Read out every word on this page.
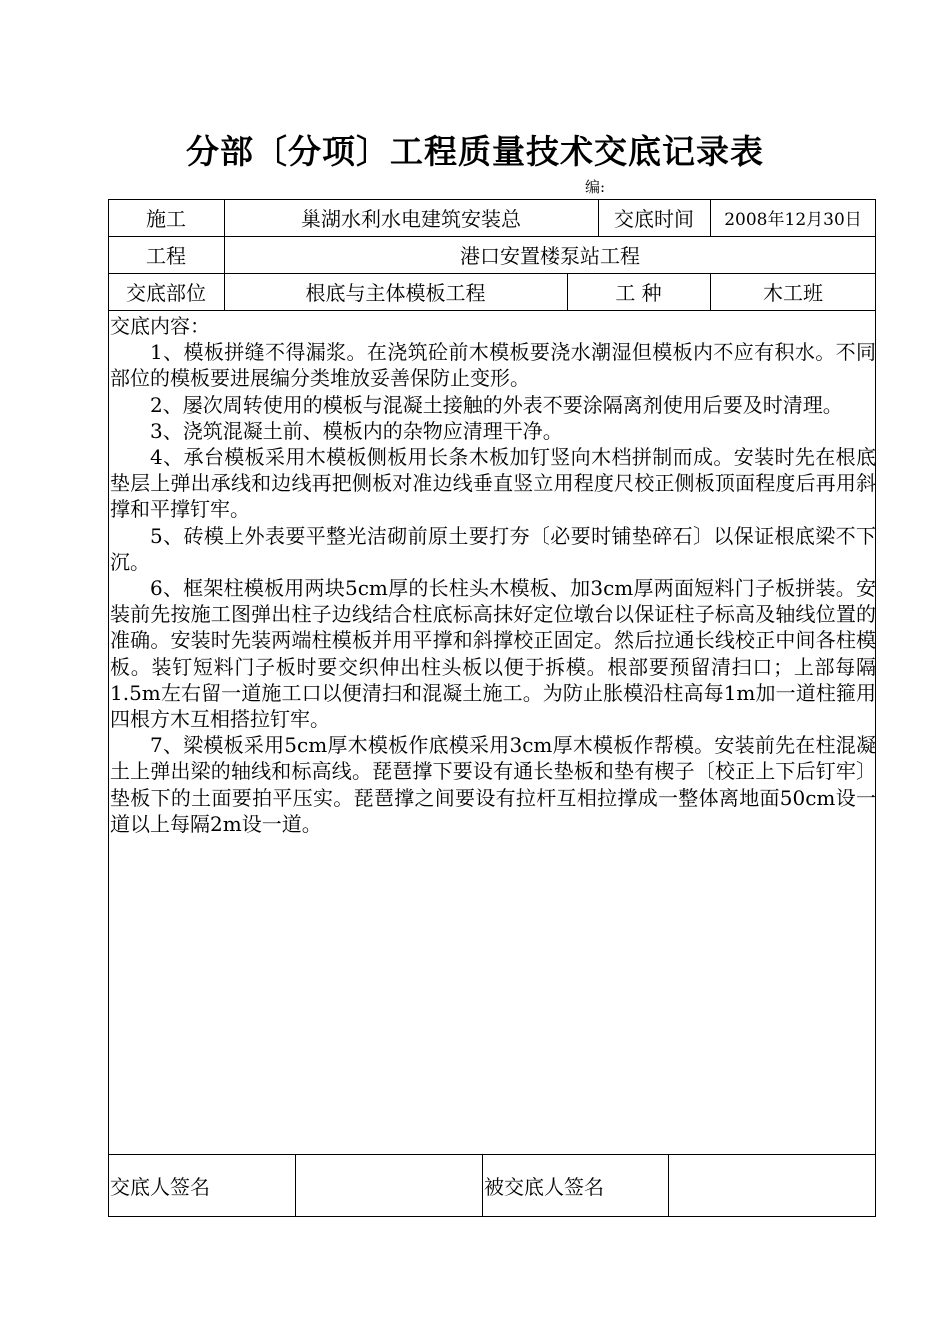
分部〔分项〕工程质量技术交底记录表
编:
施工	巢湖水利水电建筑安装总	交底时间	2008年12月30日
工程	港口安置楼泵站工程
交底部位	根底与主体模板工程	工 种	木工班

交底内容：

1、模板拼缝不得漏浆。在浇筑砼前木模板要浇水潮湿但模板内不应有积水。不同部位的模板要进展编分类堆放妥善保防止变形。

2、屡次周转使用的模板与混凝土接触的外表不要涂隔离剂使用后要及时清理。

3、浇筑混凝土前、模板内的杂物应清理干净。

4、承台模板采用木模板侧板用长条木板加钉竖向木档拼制而成。安装时先在根底垫层上弹出承线和边线再把侧板对准边线垂直竖立用程度尺校正侧板顶面程度后再用斜撑和平撑钉牢。

5、砖模上外表要平整光洁砌前原土要打夯〔必要时铺垫碎石〕以保证根底梁不下沉。

6、框架柱模板用两块5cm厚的长柱头木模板、加3cm厚两面短料门子板拼装。安装前先按施工图弹出柱子边线结合柱底标高抹好定位墩台以保证柱子标高及轴线位置的准确。安装时先装两端柱模板并用平撑和斜撑校正固定。然后拉通长线校正中间各柱模板。装钉短料门子板时要交织伸出柱头板以便于拆模。根部要预留清扫口；上部每隔1.5m左右留一道施工口以便清扫和混凝土施工。为防止胀模沿柱高每1m加一道柱箍用四根方木互相搭拉钉牢。

7、梁模板采用5cm厚木模板作底模采用3cm厚木模板作帮模。安装前先在柱混凝土上弹出梁的轴线和标高线。琵琶撑下要设有通长垫板和垫有楔子〔校正上下后钉牢〕垫板下的土面要拍平压实。琵琶撑之间要设有拉杆互相拉撑成一整体离地面50cm设一道以上每隔2m设一道。

交底人签名	被交底人签名
